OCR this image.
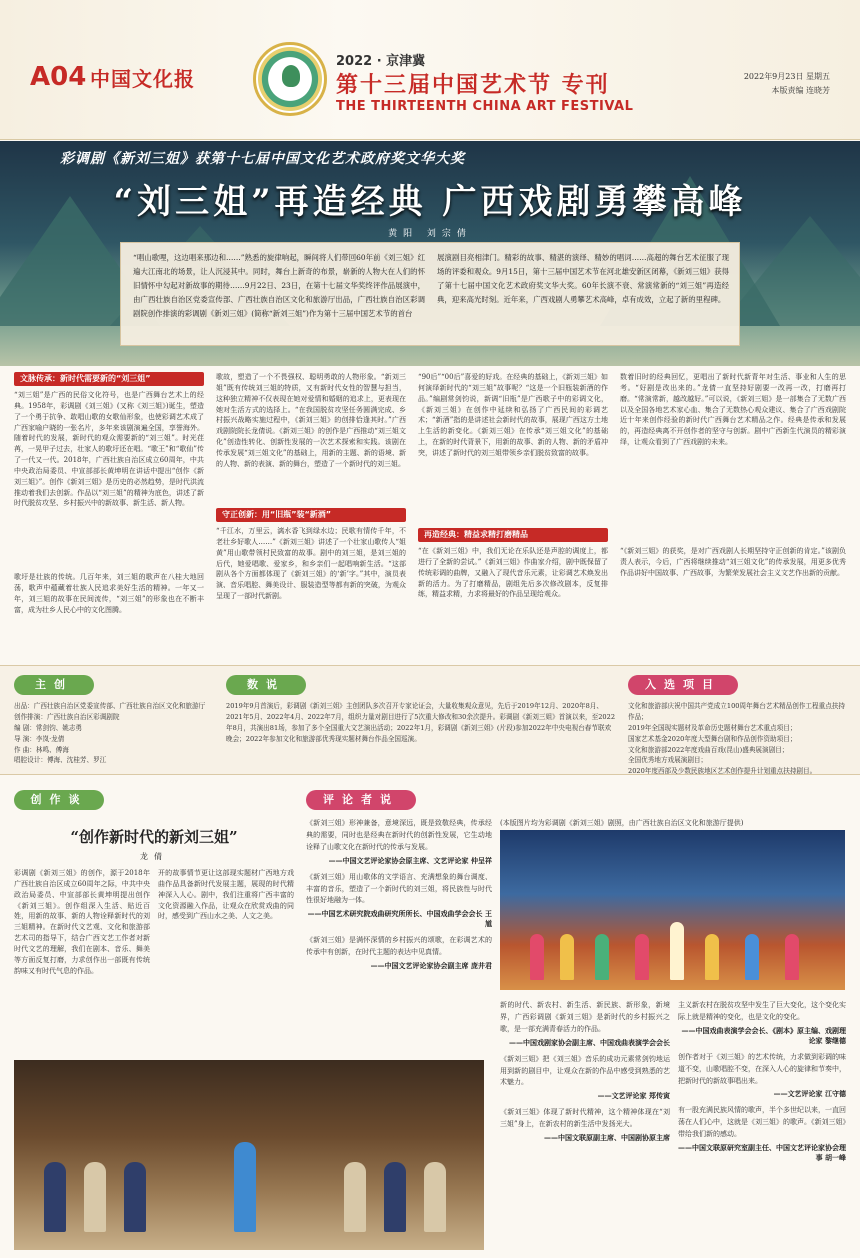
A04 中国文化报
2022 · 京津冀
第十三届中国艺术节 专刊
THE THIRTEENTH CHINA ART FESTIVAL
2022年9月23日 星期五
本版责编 连晓芳
彩调剧《新刘三姐》获第十七届中国文化艺术政府奖文华大奖
“刘三姐”再造经典 广西戏剧勇攀高峰
黄阳 刘宗倩

“唱山歌哩，这边唱来那边和……”熟悉的旋律响起，瞬间将人们带回60年前《刘三姐》红遍大江南北的场景，让人沉浸其中。同时，舞台上新奇的布景，崭新的人物大在人们的怀旧情怀中勾起对新故事的期待……9月22日、23日，在第十七届文华奖终评作品展演中，由广西壮族自治区党委宣传部、广西壮族自治区文化和旅游厅出品，广西壮族自治区彩调剧院创作排演的彩调剧《新刘三姐》(简称“新刘三姐”)作为第十三届中国艺术节的首台

展演剧目亮相津门。精彩的故事、精湛的演绎、精妙的唱词……高超的舞台艺术征服了现场的评委和观众。9月15日，第十三届中国艺术节在河北雄安新区闭幕，《新刘三姐》获得了第十七届中国文化艺术政府奖文华大奖。60年长演不衰、常演常新的“刘三姐”再造经典，迎来高光时刻。近年来，广西戏剧人勇攀艺术高峰，卓有成效，立起了新的里程碑。

文脉传承：新时代需要新的“刘三姐”
“刘三姐”是广西的民俗文化符号，也是广西舞台艺术上的经典。1958年，彩调剧《刘三姐》(又称《刘三姐》)诞生，塑造了一个勇于抗争、敢唱山歌的女歌仙形象，也使彩调艺术成了广西家喻户晓的一张名片，多年来该剧演遍全国，享誉海外。随着时代的发展，新时代的观众需要新的“刘三姐”。时光荏苒，一晃甲子过去，壮家人的歌圩还在唱。“歌王”和“歌仙”传了一代又一代。2018年，广西壮族自治区成立60周年，中共中央政治局委员、中宣部部长黄坤明在讲话中提出“创作《新刘三姐》”。创作《新刘三姐》是历史的必然趋势，是时代洪流推动着我们去创新。作品以“刘三姐”的精神为底色，讲述了新时代脱贫攻坚、乡村振兴中的新故事、新生活、新人物。
歌圩是壮族的传统。几百年来，刘三姐的歌声在八桂大地回荡，歌声中蕴藏着壮族人民追求美好生活的精神。一年又一年，刘三姐的故事在民间流传，“刘三姐”的形象也在不断丰富，成为壮乡人民心中的文化图腾。
歌故，塑造了一个不畏强权、聪明勇敢的人物形象。“新刘三姐”既有传统刘三姐的特质，又有新时代女性的智慧与担当，这种独立精神不仅表现在她对爱情和婚姻的追求上，更表现在她对生活方式的选择上。“在我国脱贫攻坚任务圆满完成、乡村振兴战略实施过程中，《新刘三姐》的创排恰逢其时。”广西戏剧院院长龙倩说。《新刘三姐》的创作是广西推动“刘三姐文化”创造性转化、创新性发展的一次艺术探索和实践。该剧在传承发展“刘三姐文化”的基础上，用新的主题、新的语境、新的人物、新的表演、新的舞台，塑造了一个新时代的刘三姐。
守正创新：用“旧瓶”装“新酒”
“千江水，万里云，漓水香飞到绿水边；民歌有情传千年，不老壮乡好歌人……”《新刘三姐》讲述了一个壮家山歌传人“姐黄”用山歌带领村民致富的故事。剧中的刘三姐，是刘三姐的后代，她爱唱歌、爱家乡，和乡亲们一起唱响新生活。“这部剧从各个方面都体现了《新刘三姐》的‘新’字。”其中，演员表演、音乐唱腔、舞美设计、服装造型等都有新的突破，为观众呈现了一部时代新剧。
“90后”“00后”喜爱的好戏。在经典的基础上，《新刘三姐》如何演绎新时代的“刘三姐”故事呢？“这是一个旧瓶装新酒的作品。”编剧常剑钧说，新调“旧瓶”是广西歌子中的彩调文化，《新刘三姐》在创作中延续和弘扬了广西民间的彩调艺术；“新酒”指的是讲述社会新时代的故事，展现广西这方土地上生活的新变化。《新刘三姐》在传承“刘三姐文化”的基础上，在新的时代背景下，用新的故事、新的人物、新的矛盾冲突，讲述了新时代的刘三姐带领乡亲们脱贫致富的故事。
再造经典：精益求精打磨精品
“在《新刘三姐》中，我们无论在乐队还是声腔的调度上，都进行了全新的尝试。”《新刘三姐》作曲家介绍，剧中既保留了传统彩调的曲牌，又融入了现代音乐元素，让彩调艺术焕发出新的活力。为了打磨精品，剧组先后多次修改剧本，反复排练，精益求精，力求将最好的作品呈现给观众。
数着旧时的经典回忆，更唱出了新时代新青年对生活、事业和人生的思考。“好剧是改出来的。”龙倩一直坚持好剧要一改再一改，打磨再打磨。“常演常新，越改越好。”可以说，《新刘三姐》是一部集合了无数广西以及全国各地艺术家心血、集合了无数热心观众建议、集合了广西戏剧院近十年来创作经验的新时代广西舞台艺术精品之作。经典是传承和发展的，再造经典离不开创作者的坚守与创新。剧中广西新生代演员的精彩演绎，让观众看到了广西戏剧的未来。
“《新刘三姐》的获奖，是对广西戏剧人长期坚持守正创新的肯定。”该剧负责人表示，今后，广西将继续推动“刘三姐文化”的传承发展，用更多优秀作品讲好中国故事、广西故事，为繁荣发展社会主义文艺作出新的贡献。
主创
出品：广西壮族自治区党委宣传部、广西壮族自治区文化和旅游厅
创作排演：广西壮族自治区彩调剧院
编 剧：常剑钧、姚志勇
导 演：李岚·龙倩
作 曲：林鸣、傅海
唱腔设计：傅海、沈桂芳、罗江
数说
2019年9月首演后，彩调剧《新刘三姐》主创团队多次召开专家论证会，大量收集观众意见，先后于2019年12月、2020年8月、2021年5月、2022年4月、2022年7月，组织力量对剧目进行了5次重大修改和30余次提升。彩调剧《新刘三姐》首演以来，至2022年8月，共演出81场，参加了多个全国重大文艺演出活动；2022年1月，彩调剧《新刘三姐》(片段)参加2022年中央电视台春节联欢晚会；2022年参加文化和旅游部优秀现实题材舞台作品全国巡演。
入选项目
文化和旅游部庆祝中国共产党成立100周年舞台艺术精品创作工程重点扶持作品；
2019年全国现实题材及革命历史题材舞台艺术重点项目；
国家艺术基金2020年度大型舞台剧和作品创作资助项目；
文化和旅游部2022年度戏曲百戏(昆山)盛典展演剧目；
全国优秀地方戏展演剧目；
2020年度西部及少数民族地区艺术创作提升计划重点扶持剧目。
创作谈
“创作新时代的新刘三姐”
龙倩
彩调剧《新刘三姐》的创作，源于2018年广西壮族自治区成立60周年之际，中共中央政治局委员、中宣部部长黄坤明提出创作《新刘三姐》。创作组深入生活、贴近百姓，用新的故事、新的人物诠释新时代的刘三姐精神。在新时代文艺观、文化和旅游部艺术司的指导下，结合广西文艺工作者对新时代文艺的理解，我们在剧本、音乐、舞美等方面反复打磨，力求创作出一部既有传统韵味又有时代气息的作品。
开的故事情节更让这部现实题材广西地方戏曲作品具备新时代发展主题，展现的时代精神深入人心。剧中，我们注重将广西丰富的文化资源融入作品，让观众在欣赏戏曲的同时，感受到广西山水之美、人文之美。
评论者说
《新刘三姐》形神兼备，意境深远，既是致敬经典，传承经典的需要，同时也是经典在新时代的创新性发展，它生动地诠释了山歌文化在新时代的传承与发展。
——中国文艺评论家协会原主席、文艺评论家 仲呈祥
《新刘三姐》用山歌体的文学语言、充满想象的舞台调度、丰富的音乐，塑造了一个新时代的刘三姐，将民族性与时代性很好地融为一体。
——中国艺术研究院戏曲研究所所长、中国戏曲学会会长 王馗
《新刘三姐》是满怀深情的乡村振兴的颂歌，在彩调艺术的传承中有创新，在时代主题的表达中见真情。
——中国文艺评论家协会副主席 庞井君
(本版图片均为彩调剧《新刘三姐》剧照，由广西壮族自治区文化和旅游厅提供)
新的时代、新农村、新生活、新民族、新形象，新境界，广西彩调剧《新刘三姐》是新时代的乡村振兴之歌，是一部充满青春活力的作品。
——中国戏剧家协会副主席、中国戏曲表演学会会长
《新刘三姐》把《刘三姐》音乐的成功元素常剑钧地运用到新的剧目中，让观众在新的作品中感受到熟悉的艺术魅力。
——文艺评论家 郑传寅
《新刘三姐》体现了新时代精神，这个精神体现在“刘三姐”身上，在新农村的新生活中发扬光大。
——中国文联原副主席、中国剧协原主席
主义新农村在脱贫攻坚中发生了巨大变化，这个变化实际上就是精神的变化，也是文化的变化。
——中国戏曲表演学会会长、《剧本》原主编、戏剧理论家 黎继德
创作者对于《刘三姐》的艺术传统，力求做到彩调的味道不变，山歌唱腔不变，在深入人心的旋律和节奏中，把新时代的新故事唱出来。
——文艺评论家 江守德
有一股充满民族风情的歌声，半个多世纪以来，一直回荡在人们心中，这就是《刘三姐》的歌声。《新刘三姐》带给我们新的感动。
——中国文联原研究室副主任、中国文艺评论家协会理事 胡一峰
